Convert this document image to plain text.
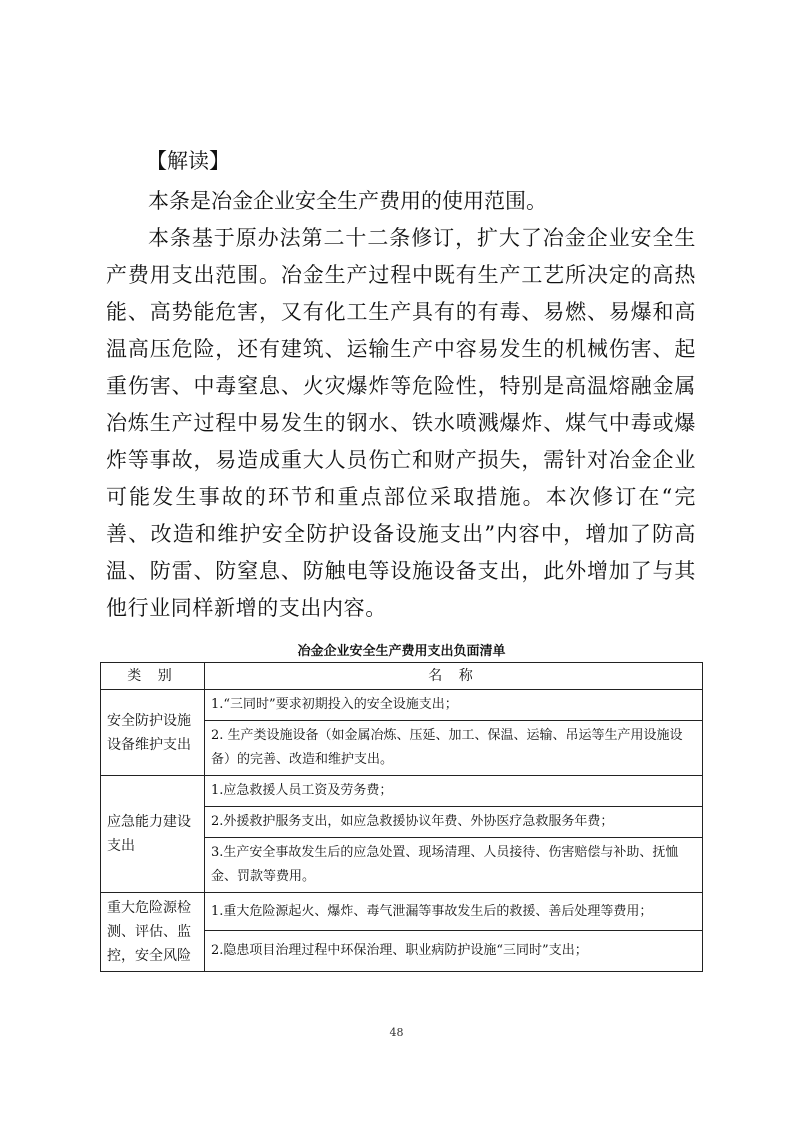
【解读】

本条是冶金企业安全生产费用的使用范围。

本条基于原办法第二十二条修订，扩大了冶金企业安全生产费用支出范围。冶金生产过程中既有生产工艺所决定的高热能、高势能危害，又有化工生产具有的有毒、易燃、易爆和高温高压危险，还有建筑、运输生产中容易发生的机械伤害、起重伤害、中毒窒息、火灾爆炸等危险性，特别是高温熔融金属冶炼生产过程中易发生的钢水、铁水喷溅爆炸、煤气中毒或爆炸等事故，易造成重大人员伤亡和财产损失，需针对冶金企业可能发生事故的环节和重点部位采取措施。本次修订在“完善、改造和维护安全防护设备设施支出”内容中，增加了防高温、防雷、防窒息、防触电等设施设备支出，此外增加了与其他行业同样新增的支出内容。

冶金企业安全生产费用支出负面清单
类 别	名 称
安全防护设施设备维护支出	1.“三同时”要求初期投入的安全设施支出；
	2. 生产类设施设备（如金属冶炼、压延、加工、保温、运输、吊运等生产用设施设备）的完善、改造和维护支出。
应急能力建设支出	1.应急救援人员工资及劳务费；
	2.外援救护服务支出，如应急救援协议年费、外协医疗急救服务年费；
	3.生产安全事故发生后的应急处置、现场清理、人员接待、伤害赔偿与补助、抚恤金、罚款等费用。
重大危险源检测、评估、监控，安全风险	1.重大危险源起火、爆炸、毒气泄漏等事故发生后的救援、善后处理等费用；
	2.隐患项目治理过程中环保治理、职业病防护设施“三同时”支出；
48
